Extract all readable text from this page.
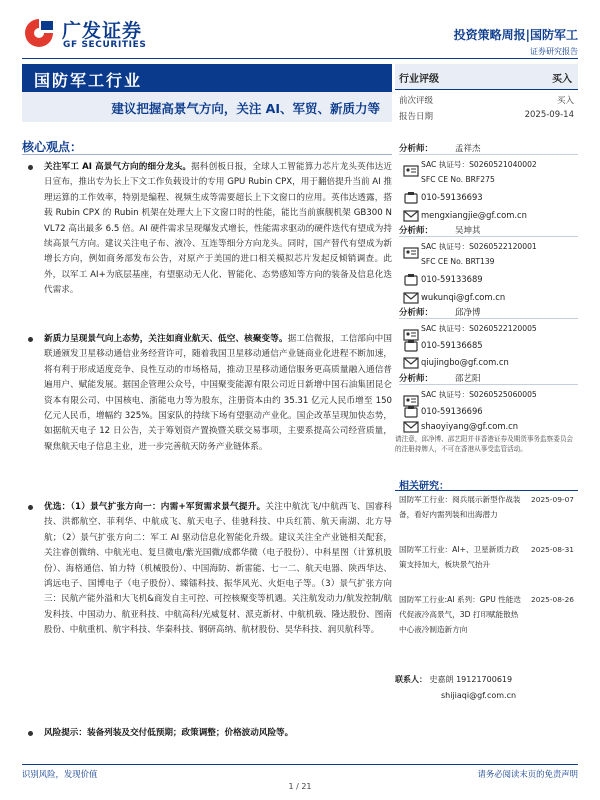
广发证券
GF SECURITIES
投资策略周报|国防军工
证券研究报告
国防军工行业
建议把握高景气方向，关注 AI、军贸、新质力等
行业评级	买入
前次评级	买入
报告日期	2025-09-14
核心观点：
关注军工 AI 高景气方向的细分龙头。据科创板日报，全球人工智能算力芯片龙头英伟达近日宣布，推出专为长上下文工作负载设计的专用 GPU Rubin CPX，用于翻倍提升当前 AI 推理运算的工作效率，特别是编程、视频生成等需要超长上下文窗口的应用。英伟达透露，搭载 Rubin CPX 的 Rubin 机架在处理大上下文窗口时的性能，能比当前旗舰机架 GB300 NVL72 高出最多 6.5 倍。AI 硬件需求呈现爆发式增长，性能需求驱动的硬件迭代有望成为持续高景气方向。建议关注电子布、液冷、互连等细分方向龙头。同时，国产替代有望成为新增长方向，例如商务部发布公告，对原产于美国的进口相关模拟芯片发起反倾销调查。此外，以军工 AI+为底层基座，有望驱动无人化、智能化、态势感知等方向的装备及信息化迭代需求。
新质力呈现景气向上态势，关注如商业航天、低空、核聚变等。据工信微报，工信部向中国联通颁发卫星移动通信业务经营许可，随着我国卫星移动通信产业链商业化进程不断加速，将有利于形成适度竞争、良性互动的市场格局，推动卫星移动通信服务更高质量融入通信普遍用户、赋能发展。据国企管理公众号，中国聚变能源有限公司近日新增中国石油集团昆仑资本有限公司、中国核电、浙能电力等为股东，注册资本由约 35.31 亿元人民币增至 150 亿元人民币，增幅约 325%。国家队的持续下场有望驱动产业化。国企改革呈现加快态势，如据航天电子 12 日公告，关于筹划资产置换暨关联交易事项，主要系提高公司经营质量，聚焦航天电子信息主业，进一步完善航天防务产业链体系。
优选：（1）景气扩张方向一：内需+军贸需求景气提升。关注中航沈飞/中航西飞、国睿科技、洪都航空、菲利华、中航成飞、航天电子、佳驰科技、中兵红箭、航天南湖、北方导航；（2）景气扩张方向二：军工 AI 驱动信息化智能化升级。建议关注全产业链相关配套，关注睿创微纳、中航光电、复旦微电/紫光国微/成都华微（电子股份）、中科星图（计算机股份）、海格通信、铂力特（机械股份）、中国海防、新雷能、七一二、航天电器、陕西华达、鸿远电子、国博电子（电子股份）、臻镭科技、振华风光、火炬电子等。（3）景气扩张方向三：民航产能外溢和大飞机&商发自主可控、可控核聚变等机遇。关注航发动力/航发控制/航发科技、中国动力、航亚科技、中航高科/光威复材、派克新材、中航机载、隆达股份、图南股份、中航重机、航宇科技、华秦科技、钢研高纳、航材股份、昊华科技、润贝航科等。
风险提示：装备列装及交付低预期；政策调整；价格波动风险等。
分析师：	孟祥杰
SAC 执证号：S0260521040002
SFC CE No. BRF275
010-59136693
mengxiangjie@gf.com.cn
分析师：	吴坤其
SAC 执证号：S0260522120001
SFC CE No. BRT139
010-59133689
wukunqi@gf.com.cn
分析师：	邱净博
SAC 执证号：S0260522120005
010-59136685
qiujingbo@gf.com.cn
分析师：	邵艺阳
SAC 执证号：S0260525060005
010-59136696
shaoyiyang@gf.com.cn
请注意，邱净博、邵艺阳并非香港证券及期货事务监察委员会的注册持牌人，不可在香港从事受监管活动。
相关研究：
国防军工行业：阅兵展示新型作战装备，看好内需列装和出海潜力
2025-09-07
国防军工行业：AI+、卫星新质力政策支持加大，板块景气抬升
2025-08-31
国防军工行业:AI 系列：GPU 性能迭代促液冷高景气，3D 打印赋能散热中心液冷制造新方向
2025-08-26
联系人： 史嘉朗 19121700619
shijiaqi@gf.com.cn
识别风险，发现价值	请务必阅读末页的免责声明
1 / 21
